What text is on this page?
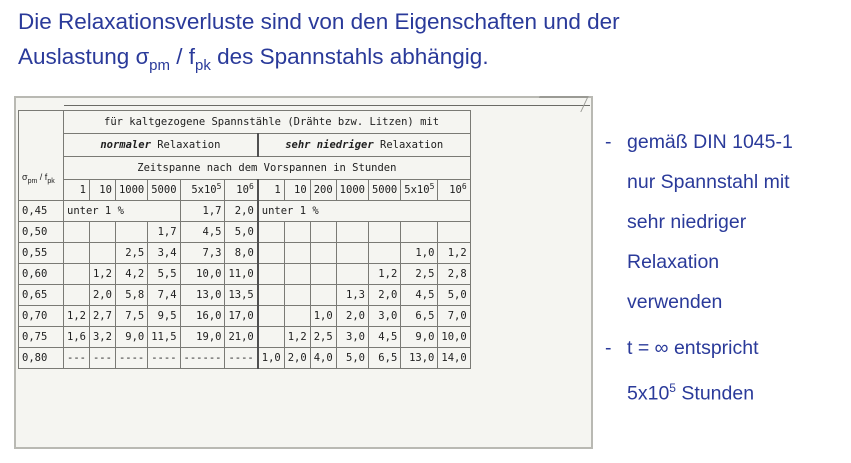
Die Relaxationsverluste sind von den Eigenschaften und der
Auslastung $\sigma_{pm} / f_{pk}$ des Spannstahls abhängig.
	für kaltgezogene Spannstähle (Drähte bzw. Litzen) mit												
	normaler Relaxation						sehr niedriger Relaxation						
$\sigma_{pm} / f_{pk}$	Zeitspanne nach dem Vorspannen in Stunden												
	1	10	1000	5000	$5x10^5$	$10^6$	1	10	200	1000	5000	$5x10^5$	$10^6$
0,45	unter 1 %				1,7	2,0	unter 1 %						
0,50				1,7	4,5	5,0							
0,55			2,5	3,4	7,3	8,0						1,0	1,2
0,60		1,2	4,2	5,5	10,0	11,0					1,2	2,5	2,8
0,65		2,0	5,8	7,4	13,0	13,5				1,3	2,0	4,5	5,0
0,70	1,2	2,7	7,5	9,5	16,0	17,0			1,0	2,0	3,0	6,5	7,0
0,75	1,6	3,2	9,0	11,5	19,0	21,0		1,2	2,5	3,0	4,5	9,0	10,0
0,80	---	---	----	----	------	----	1,0	2,0	4,0	5,0	6,5	13,0	14,0
- gemäß DIN 1045-1
nur Spannstahl mit
sehr niedriger
Relaxation
verwenden
- t = ∞ entspricht
$5x10^5$ Stunden
